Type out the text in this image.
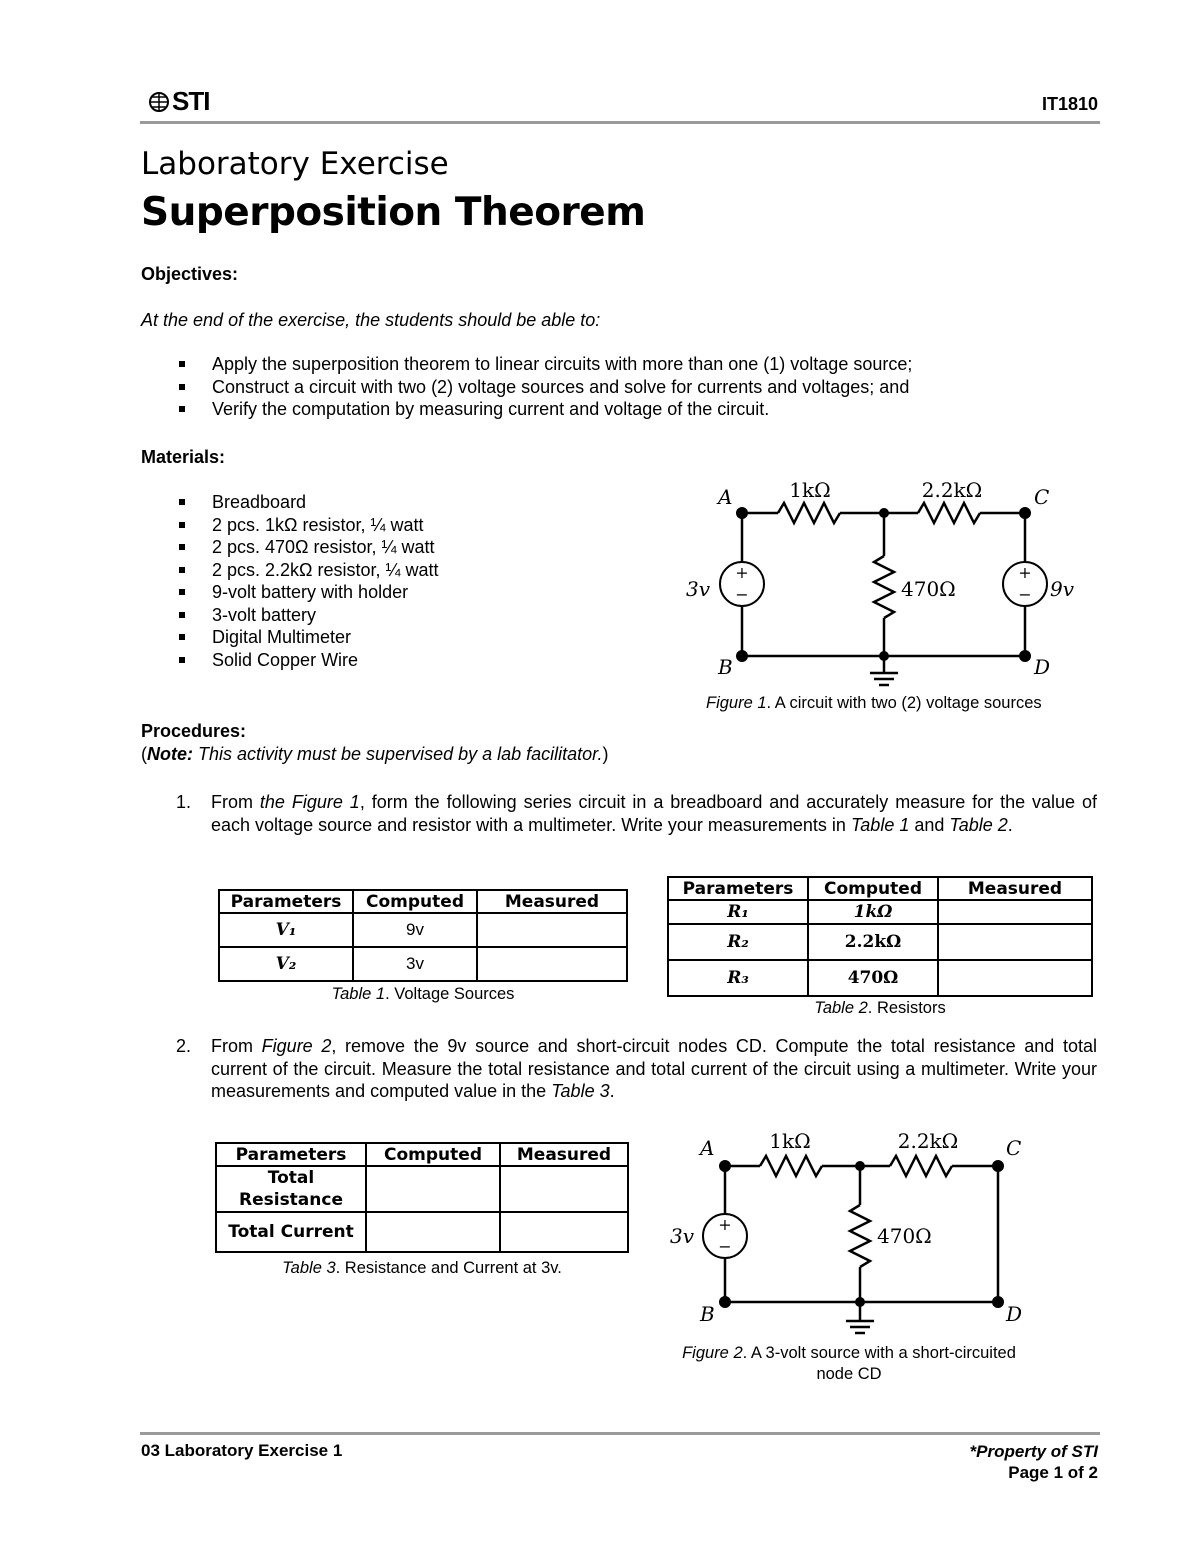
STI	IT1810
Laboratory Exercise
Superposition Theorem
Objectives:
At the end of the exercise, the students should be able to:
Apply the superposition theorem to linear circuits with more than one (1) voltage source;
Construct a circuit with two (2) voltage sources and solve for currents and voltages; and
Verify the computation by measuring current and voltage of the circuit.
Materials:
Breadboard
2 pcs. 1kΩ resistor, ¼ watt
2 pcs. 470Ω resistor, ¼ watt
2 pcs. 2.2kΩ resistor, ¼ watt
9-volt battery with holder
3-volt battery
Digital Multimeter
Solid Copper Wire
+
−
+
−
A
B
C
D
1kΩ	2.2kΩ
470Ω
3v	9v
Figure 1. A circuit with two (2) voltage sources
Procedures:
(Note: This activity must be supervised by a lab facilitator.)
1. From the Figure 1, form the following series circuit in a breadboard and accurately measure for the value of each voltage source and resistor with a multimeter. Write your measurements in Table 1 and Table 2.
Parameters	Computed	Measured
V₁	9v	
V₂	3v	
Table 1. Voltage Sources
Parameters	Computed	Measured
R₁	1kΩ	
R₂	2.2kΩ	
R₃	470Ω	
Table 2. Resistors
2. From Figure 2, remove the 9v source and short-circuit nodes CD. Compute the total resistance and total current of the circuit. Measure the total resistance and total current of the circuit using a multimeter. Write your measurements and computed value in the Table 3.
Parameters	Computed	Measured
Total
Resistance		
Total Current		
Table 3. Resistance and Current at 3v.
+
−
A
B
C
D
1kΩ	2.2kΩ
470Ω
3v
Figure 2. A 3-volt source with a short-circuited
node CD
03 Laboratory Exercise 1	*Property of STI
Page 1 of 2
